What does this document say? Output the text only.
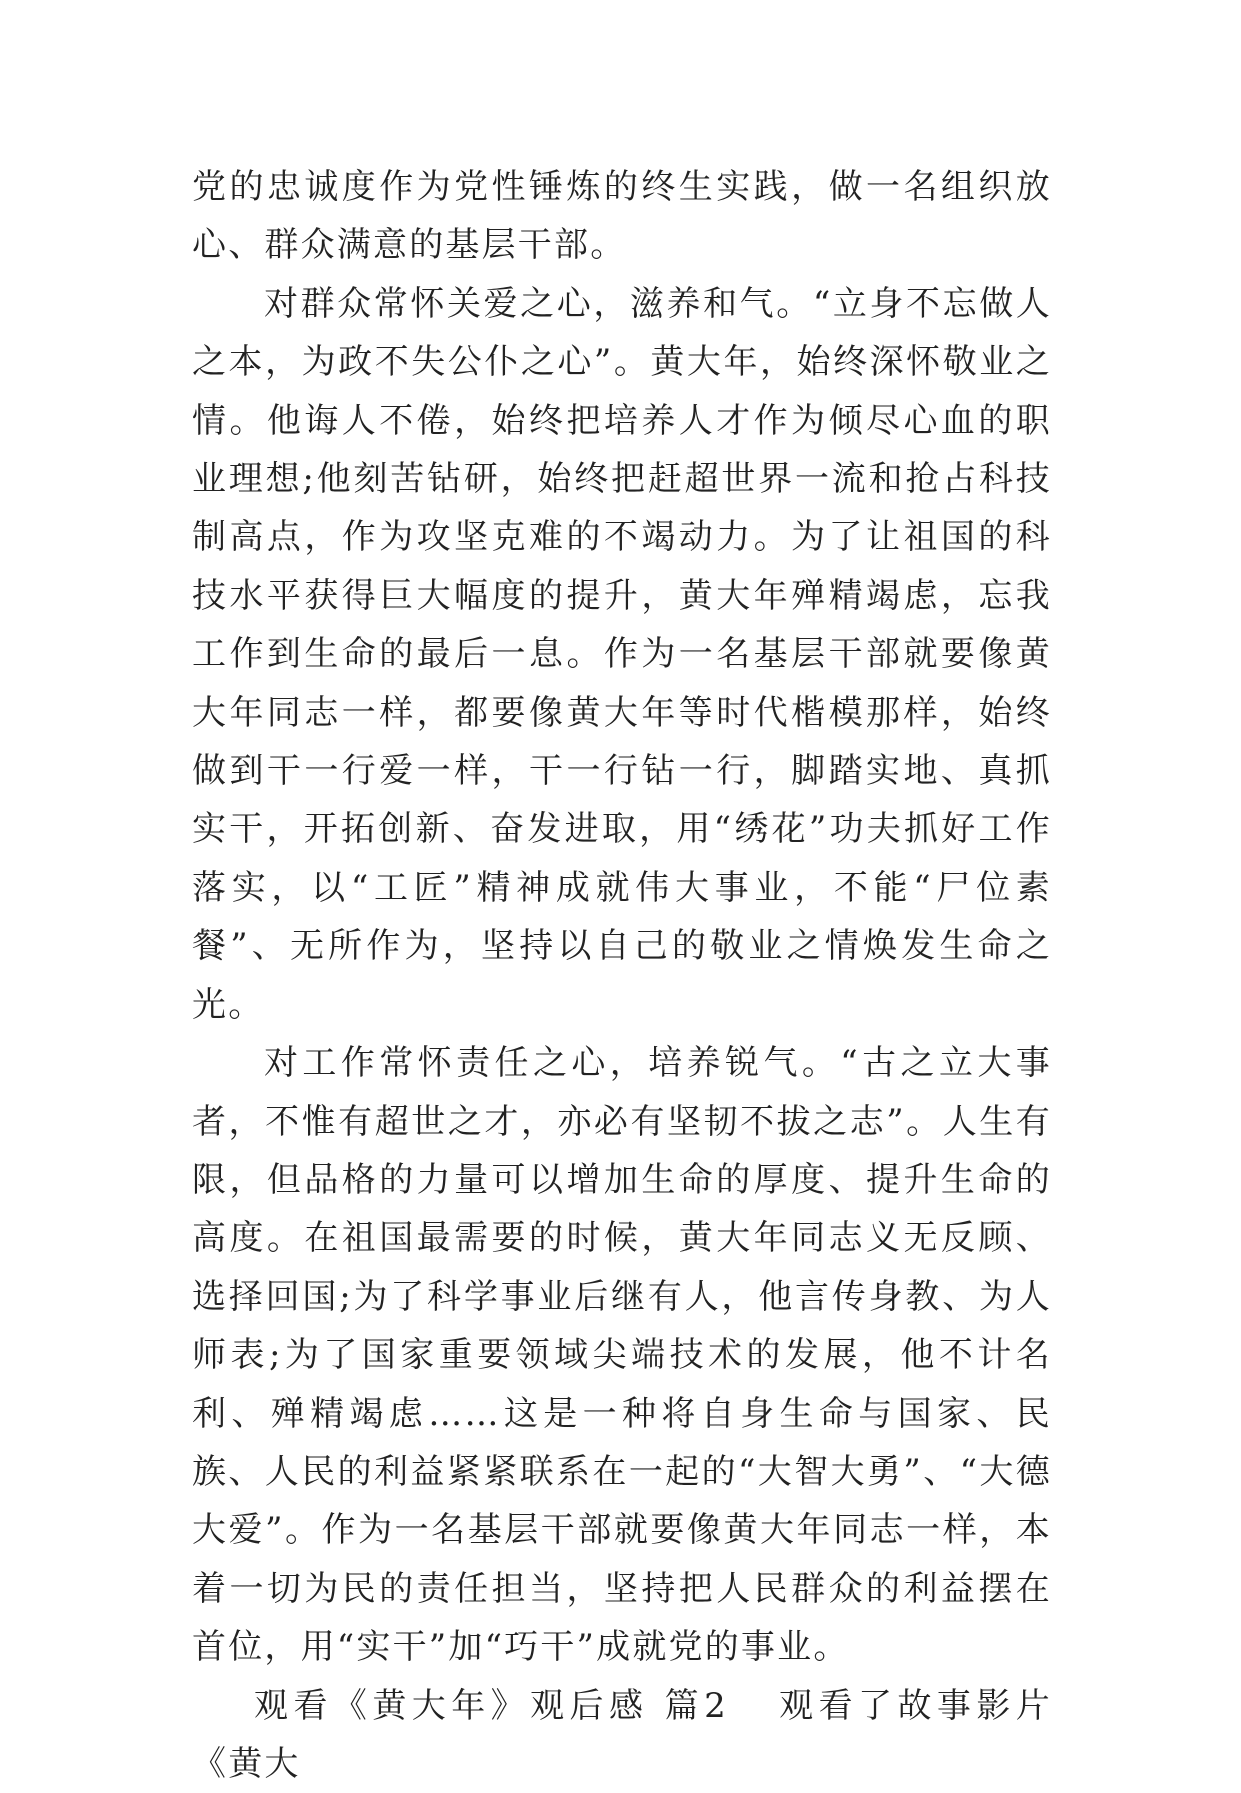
党的忠诚度作为党性锤炼的终生实践，做一名组织放心、群众满意的基层干部。

对群众常怀关爱之心，滋养和气。“立身不忘做人之本，为政不失公仆之心”。黄大年，始终深怀敬业之情。他诲人不倦，始终把培养人才作为倾尽心血的职业理想;他刻苦钻研，始终把赶超世界一流和抢占科技制高点，作为攻坚克难的不竭动力。为了让祖国的科技水平获得巨大幅度的提升，黄大年殚精竭虑，忘我工作到生命的最后一息。作为一名基层干部就要像黄大年同志一样，都要像黄大年等时代楷模那样，始终做到干一行爱一样，干一行钻一行，脚踏实地、真抓实干，开拓创新、奋发进取，用“绣花”功夫抓好工作落实，以“工匠”精神成就伟大事业，不能“尸位素餐”、无所作为，坚持以自己的敬业之情焕发生命之光。

对工作常怀责任之心，培养锐气。“古之立大事者，不惟有超世之才，亦必有坚韧不拔之志”。人生有限，但品格的力量可以增加生命的厚度、提升生命的高度。在祖国最需要的时候，黄大年同志义无反顾、选择回国;为了科学事业后继有人，他言传身教、为人师表;为了国家重要领域尖端技术的发展，他不计名利、殚精竭虑……这是一种将自身生命与国家、民族、人民的利益紧紧联系在一起的“大智大勇”、“大德大爱”。作为一名基层干部就要像黄大年同志一样，本着一切为民的责任担当，坚持把人民群众的利益摆在首位，用“实干”加“巧干”成就党的事业。

观看《黄大年》观后感 篇2 观看了故事影片《黄大
